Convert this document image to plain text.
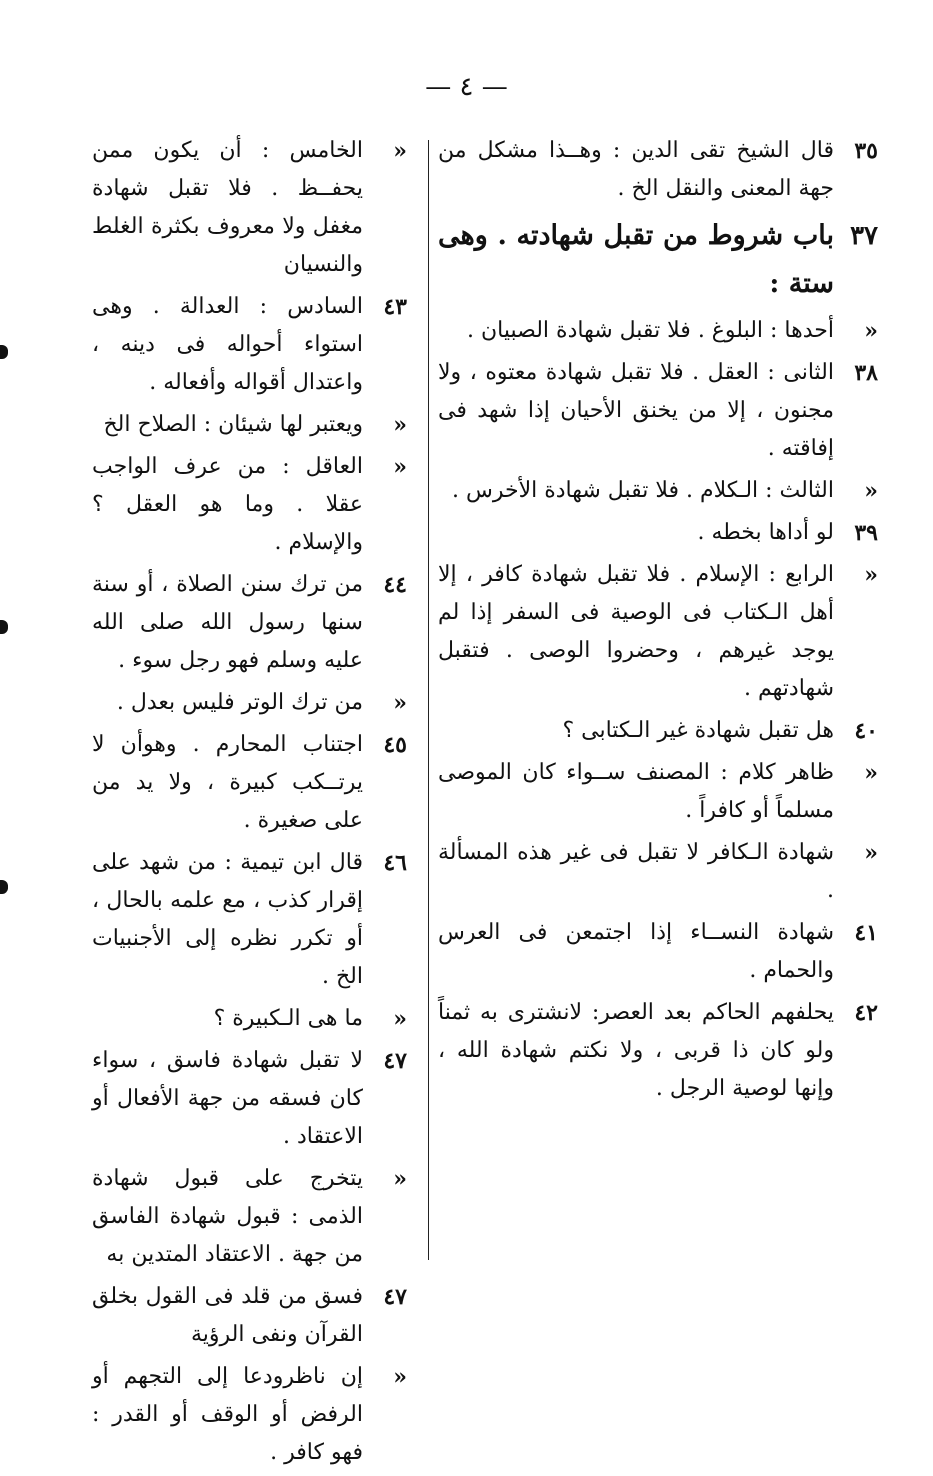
— ٤ —
٣٥
قال الشيخ تقى الدين : وهــذا مشكل من جهة المعنى والنقل الخ .
٣٧
باب شروط من تقبل شهادته . وهى ستة :
«
أحدها : البلوغ . فلا تقبل شهادة الصبيان .
٣٨
الثانى : العقل . فلا تقبل شهادة معتوه ، ولا مجنون ، إلا من يخنق الأحيان إذا شهد فى إفاقته .
«
الثالث : الـكلام . فلا تقبل شهادة الأخرس .
٣٩
لو أداها بخطه .
«
الرابع : الإسلام . فلا تقبل شهادة كافر ، إلا أهل الـكتاب فى الوصية فى السفر إذا لم يوجد غيرهم ، وحضروا الوصى . فتقبل شهادتهم .
٤٠
هل تقبل شهادة غير الـكتابى ؟
«
ظاهر كلام : المصنف ســواء كان الموصى مسلماً أو كافراً .
«
شهادة الـكافر لا تقبل فى غير هذه المسألة .
٤١
شهادة النســاء إذا اجتمعن فى العرس والحمام .
٤٢
يحلفهم الحاكم بعد العصر: لانشترى به ثمناً ولو كان ذا قربى ، ولا نكتم شهادة الله ، وإنها لوصية الرجل .
«
الخامس : أن يكون ممن يحفــظ . فلا تقبل شهادة مغفل ولا معروف بكثرة الغلط والنسيان
٤٣
السادس : العدالة . وهى استواء أحواله فى دينه ، واعتدال أقواله وأفعاله .
«
ويعتبر لها شيئان : الصلاح الخ
«
العاقل : من عرف الواجب عقلا . وما هو العقل ؟ والإسلام .
٤٤
من ترك سنن الصلاة ، أو سنة سنها رسول الله صلى الله عليه وسلم فهو رجل سوء .
«
من ترك الوتر فليس بعدل .
٤٥
اجتناب المحارم . وهوأن لا يرتــكب كبيرة ، ولا يد من على صغيرة .
٤٦
قال ابن تيمية : من شهد على إقرار كذب ، مع علمه بالحال ، أو تكرر نظره إلى الأجنبيات الخ .
«
ما هى الـكبيرة ؟
٤٧
لا تقبل شهادة فاسق ، سواء كان فسقه من جهة الأفعال أو الاعتقاد .
«
يتخرج على قبول شهادة الذمى : قبول شهادة الفاسق من جهة . الاعتقاد المتدين به
٤٧
فسق من قلد فى القول بخلق القرآن ونفى الرؤية
«
إن ناظرودعا إلى التجهم أو الرفض أو الوقف أو القدر : فهو كافر .
